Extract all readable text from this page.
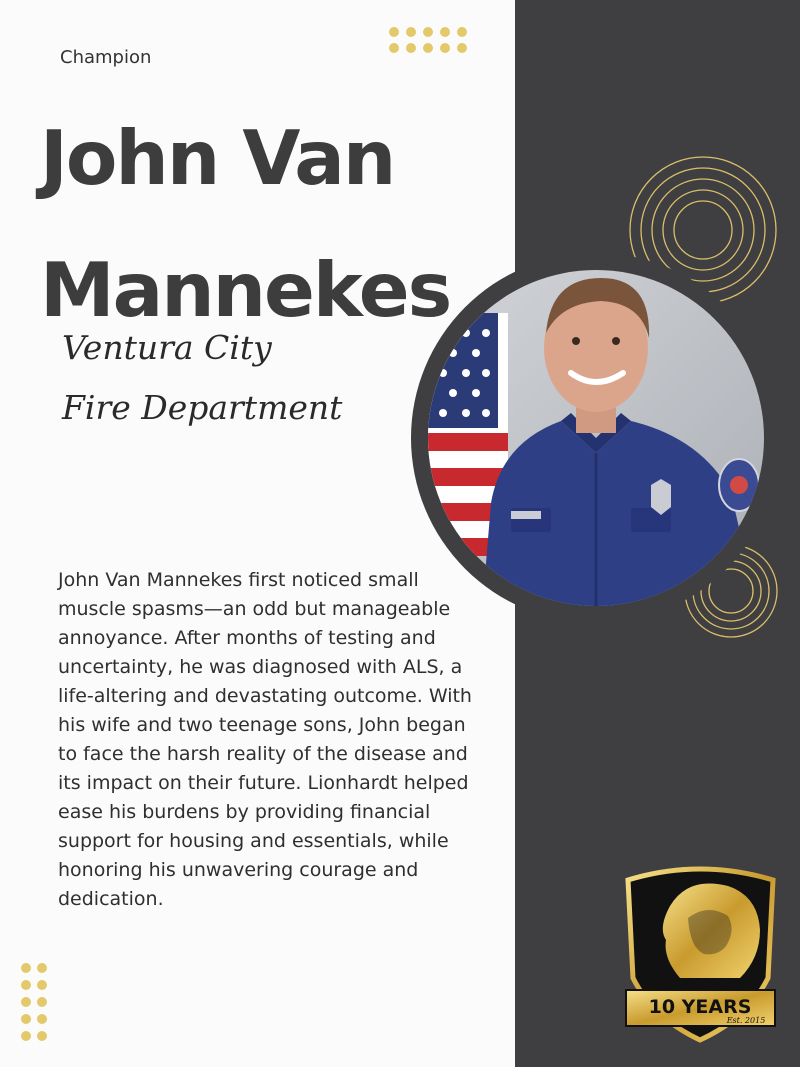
Champion
John Van
Mannekes
Ventura City
Fire Department

John Van Mannekes first noticed small muscle spasms—an odd but manageable annoyance. After months of testing and uncertainty, he was diagnosed with ALS, a life-altering and devastating outcome. With his wife and two teenage sons, John began to face the harsh reality of the disease and its impact on their future. Lionhardt helped ease his burdens by providing financial support for housing and essentials, while honoring his unwavering courage and dedication.

10 YEARS
Est. 2015
